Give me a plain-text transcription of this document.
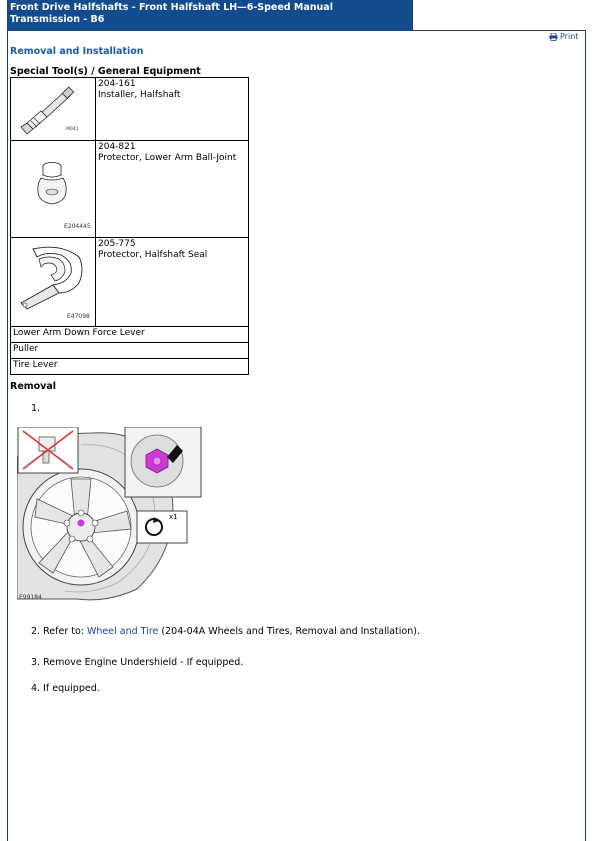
Front Drive Halfshafts - Front Halfshaft LH—6-Speed Manual
Transmission - B6
Print
Removal and Installation
Special Tool(s) / General Equipment
M041	204-161
Installer, Halfshaft

E204445	204-821
Protector, Lower Arm Ball-Joint

E47098	205-775
Protector, Halfshaft Seal

Lower Arm Down Force Lever	
Puller	
Tire Lever	
Removal
1.
x1
E99184
2. Refer to: Wheel and Tire (204-04A Wheels and Tires, Removal and Installation).
3. Remove Engine Undershield - If equipped.
4. If equipped.
